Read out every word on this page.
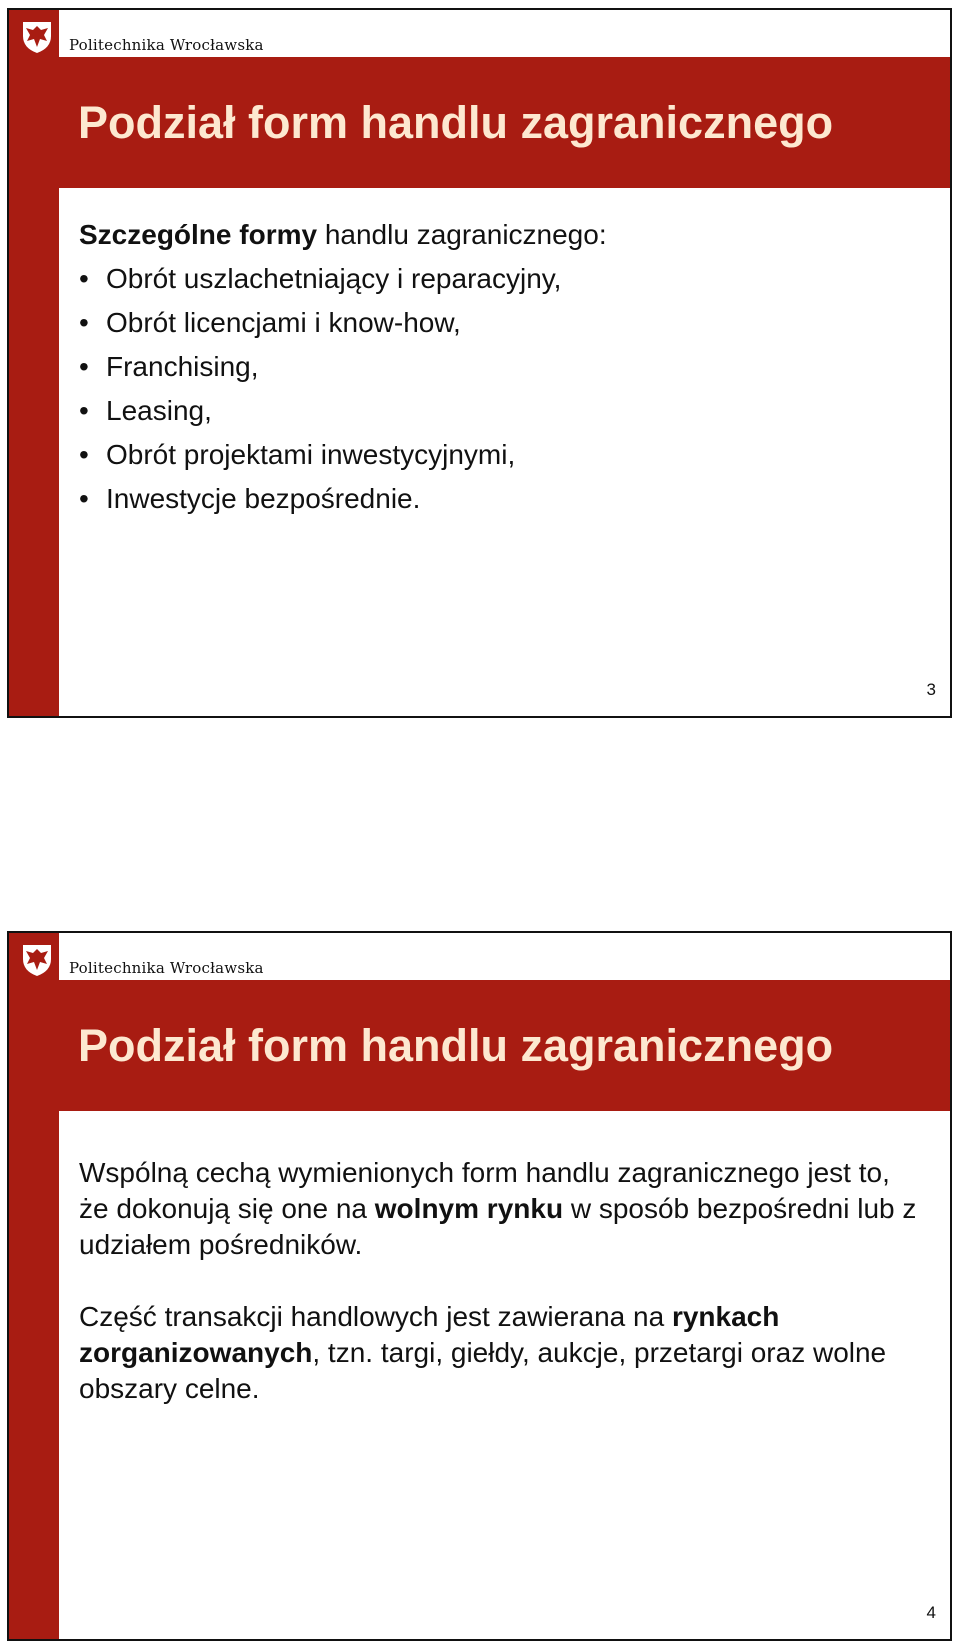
Politechnika Wrocławska
Podział form handlu zagranicznego

Szczególne formy handlu zagranicznego:

• Obrót uszlachetniający i reparacyjny,
• Obrót licencjami i know-how,
• Franchising,
• Leasing,
• Obrót projektami inwestycyjnymi,
• Inwestycje bezpośrednie.
3
Politechnika Wrocławska
Podział form handlu zagranicznego

Wspólną cechą wymienionych form handlu zagranicznego jest to, że dokonują się one na wolnym rynku w sposób bezpośredni lub z udziałem pośredników.

Część transakcji handlowych jest zawierana na rynkach zorganizowanych, tzn. targi, giełdy, aukcje, przetargi oraz wolne obszary celne.

4
